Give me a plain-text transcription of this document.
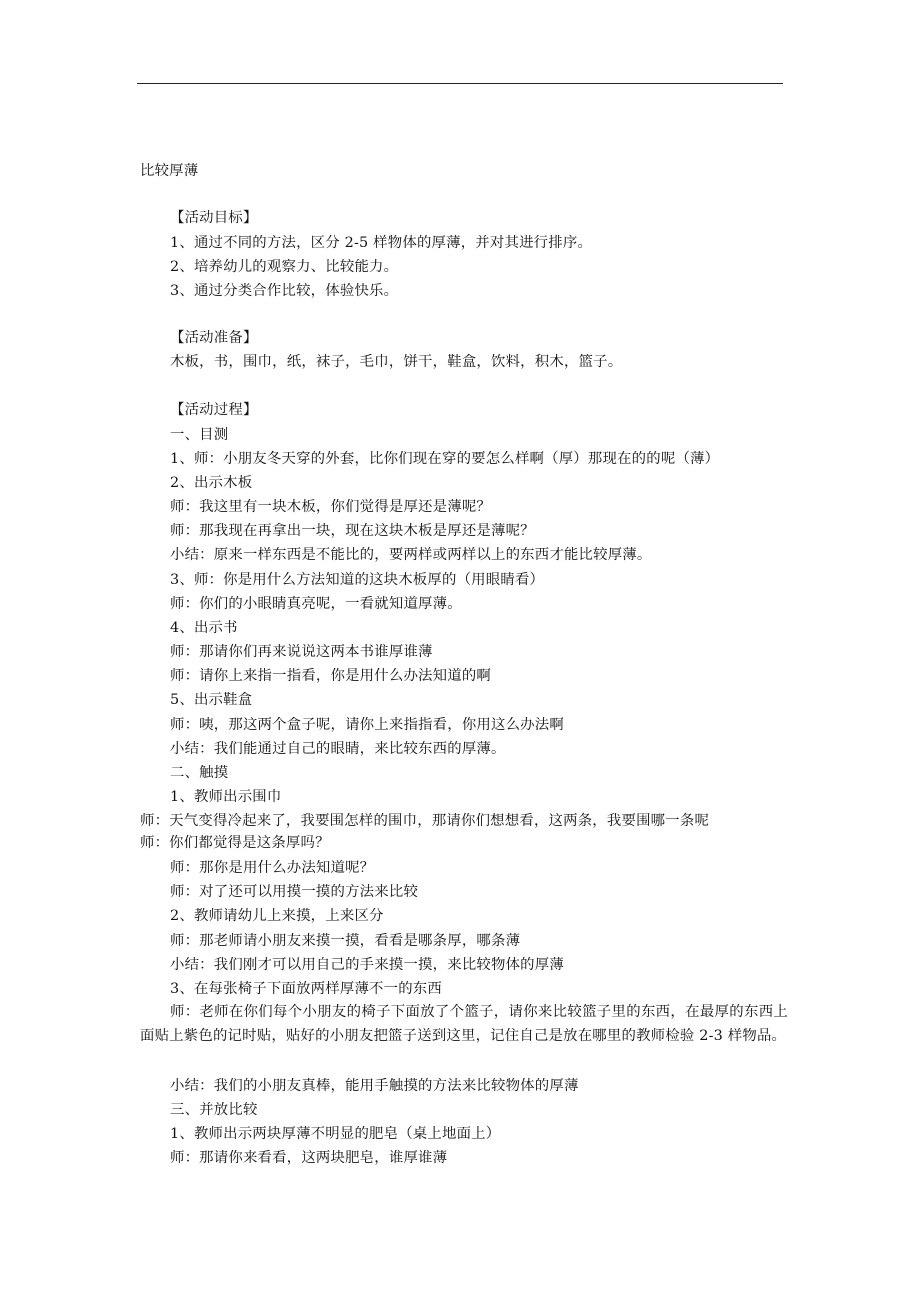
比较厚薄
【活动目标】
1、通过不同的方法，区分 2-5 样物体的厚薄，并对其进行排序。
2、培养幼儿的观察力、比较能力。
3、通过分类合作比较，体验快乐。
【活动准备】
木板，书，围巾，纸，袜子，毛巾，饼干，鞋盒，饮料，积木，篮子。
【活动过程】
一、目测
1、师：小朋友冬天穿的外套，比你们现在穿的要怎么样啊（厚）那现在的的呢（薄）
2、出示木板
师：我这里有一块木板，你们觉得是厚还是薄呢？
师：那我现在再拿出一块，现在这块木板是厚还是薄呢？
小结：原来一样东西是不能比的，要两样或两样以上的东西才能比较厚薄。
3、师：你是用什么方法知道的这块木板厚的（用眼睛看）
师：你们的小眼睛真亮呢，一看就知道厚薄。
4、出示书
师：那请你们再来说说这两本书谁厚谁薄
师：请你上来指一指看，你是用什么办法知道的啊
5、出示鞋盒
师：咦，那这两个盒子呢，请你上来指指看，你用这么办法啊
小结：我们能通过自己的眼睛，来比较东西的厚薄。
二、触摸
1、教师出示围巾
师：天气变得冷起来了，我要围怎样的围巾，那请你们想想看，这两条，我要围哪一条呢
师：你们都觉得是这条厚吗？
师：那你是用什么办法知道呢？
师：对了还可以用摸一摸的方法来比较
2、教师请幼儿上来摸，上来区分
师：那老师请小朋友来摸一摸，看看是哪条厚，哪条薄
小结：我们刚才可以用自己的手来摸一摸，来比较物体的厚薄
3、在每张椅子下面放两样厚薄不一的东西
师：老师在你们每个小朋友的椅子下面放了个篮子，请你来比较篮子里的东西，在最厚的东西上面贴上紫色的记时贴，贴好的小朋友把篮子送到这里，记住自己是放在哪里的教师检验 2-3 样物品。
小结：我们的小朋友真棒，能用手触摸的方法来比较物体的厚薄
三、并放比较
1、教师出示两块厚薄不明显的肥皂（桌上地面上）
师：那请你来看看，这两块肥皂，谁厚谁薄
